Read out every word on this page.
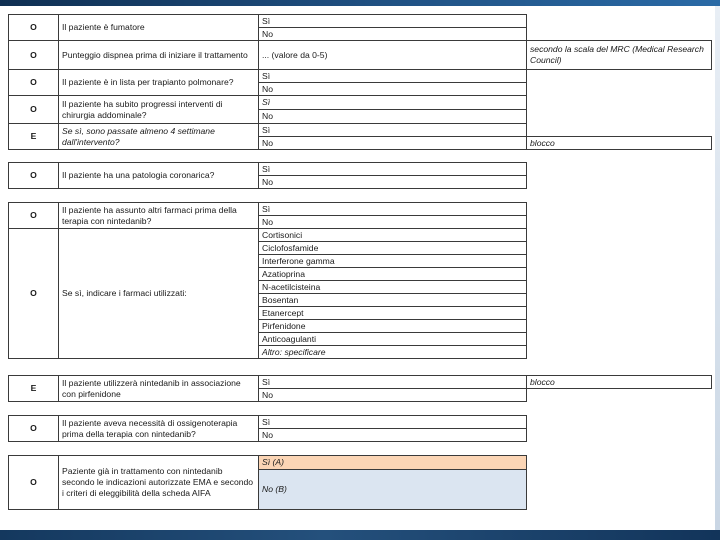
O	Il paziente è fumatore	Sì	
		No	
O	Punteggio dispnea prima di iniziare il trattamento	... (valore da 0-5)	secondo la scala del MRC (Medical Research Council)
O	Il paziente è in lista per trapianto polmonare?	Sì	
		No	
O	Il paziente ha subito progressi interventi di chirurgia addominale?	Sì	
		No	
E	Se sì, sono passate almeno 4 settimane dall'intervento?	Sì	
		No	blocco
O	Il paziente ha una patologia coronarica?	Sì	
		No	
O	Il paziente ha assunto altri farmaci prima della terapia con nintedanib?	Sì	
		No	
O	Se sì, indicare i farmaci utilizzati:	Cortisonici	
		Ciclofosfamide	
		Interferone gamma	
		Azatioprina	
		N-acetilcisteina	
		Bosentan	
		Etanercept	
		Pirfenidone	
		Anticoagulanti	
		Altro: specificare	
E	Il paziente utilizzerà nintedanib in associazione con pirfenidone	Sì	blocco
		No	
O	Il paziente aveva necessità di ossigenoterapia prima della terapia con nintedanib?	Sì	
		No	
O	Paziente già in trattamento con nintedanib secondo le indicazioni autorizzate EMA e secondo i criteri di eleggibilità della scheda AIFA	Sì (A)	
		No (B)	
